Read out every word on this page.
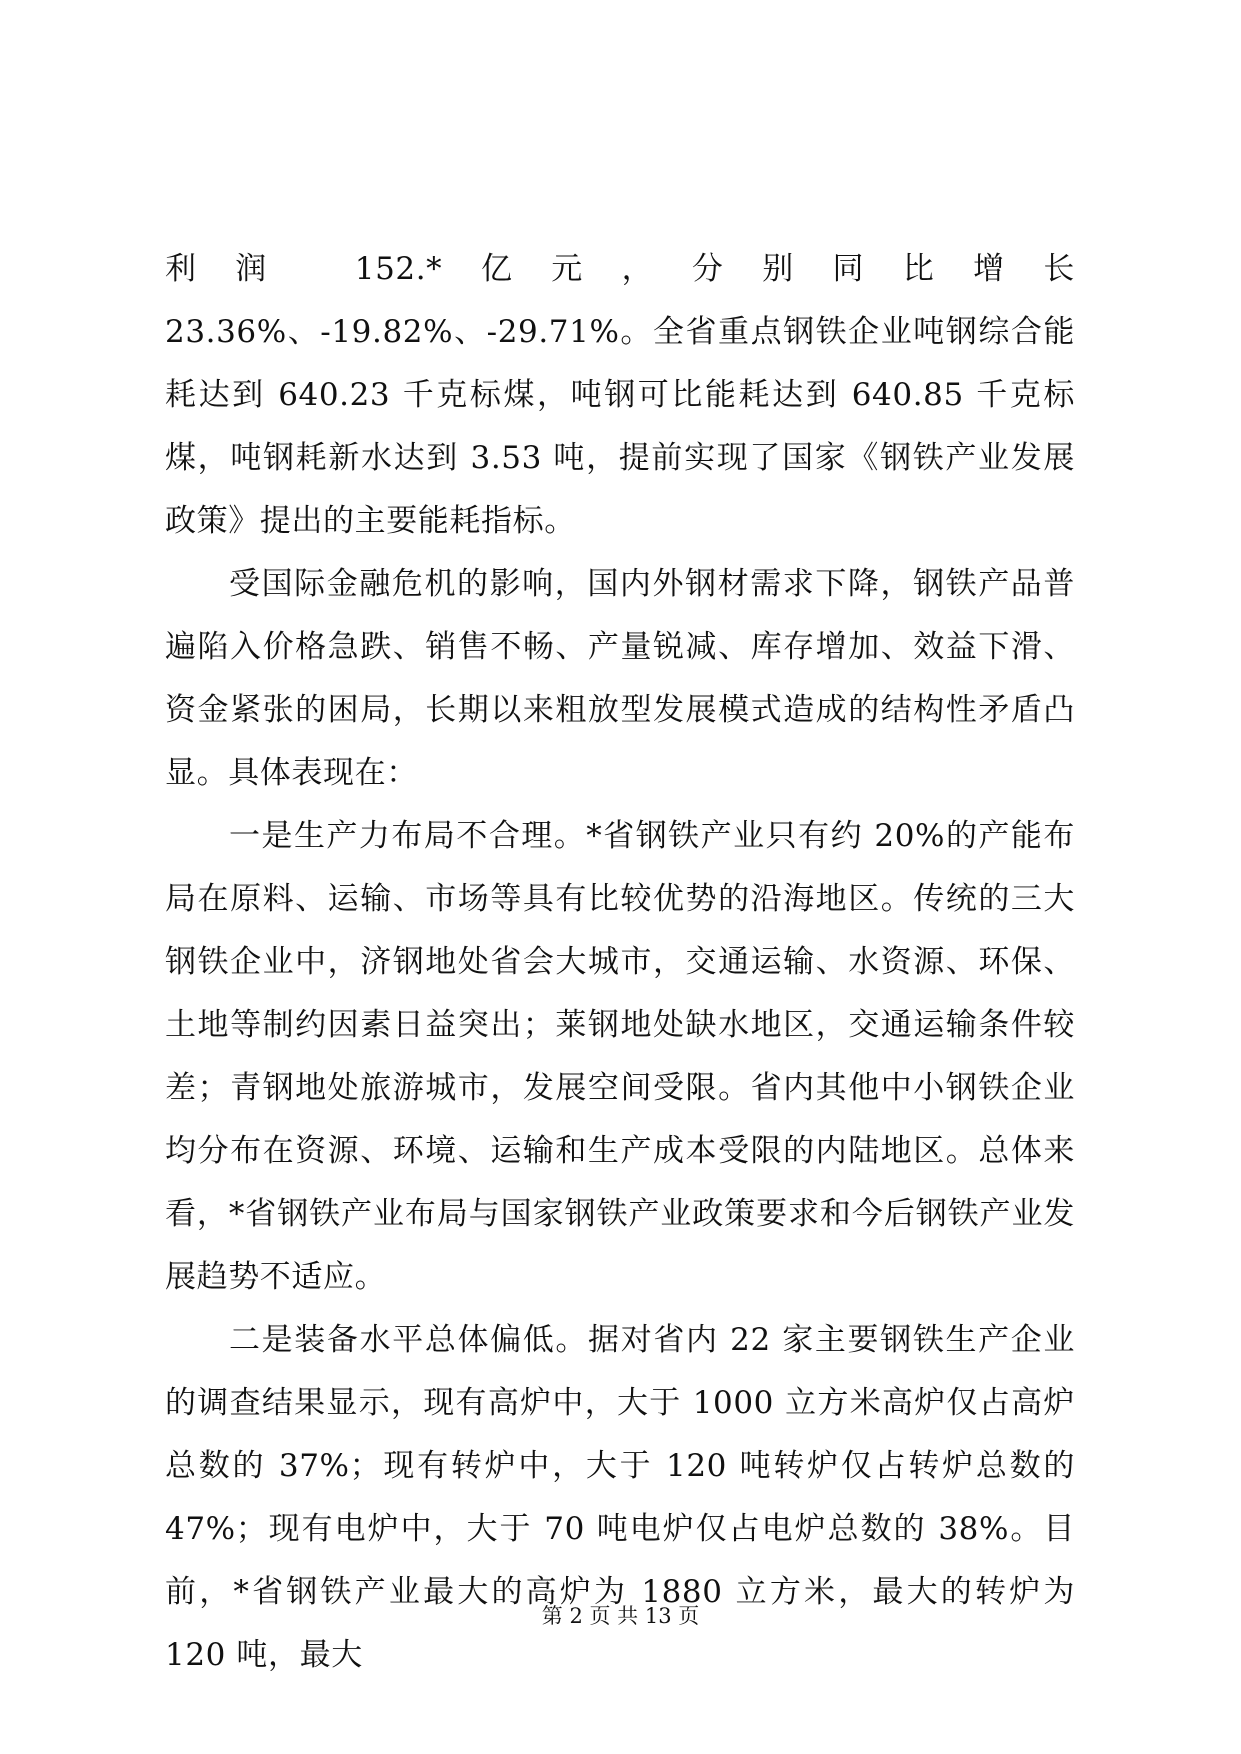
利润 152.*亿元，分别同比增长 23.36%、-19.82%、-29.71%。全省重点钢铁企业吨钢综合能耗达到 640.23 千克标煤，吨钢可比能耗达到 640.85 千克标煤，吨钢耗新水达到 3.53 吨，提前实现了国家《钢铁产业发展政策》提出的主要能耗指标。

受国际金融危机的影响，国内外钢材需求下降，钢铁产品普遍陷入价格急跌、销售不畅、产量锐减、库存增加、效益下滑、资金紧张的困局，长期以来粗放型发展模式造成的结构性矛盾凸显。具体表现在：

一是生产力布局不合理。*省钢铁产业只有约 20%的产能布局在原料、运输、市场等具有比较优势的沿海地区。传统的三大钢铁企业中，济钢地处省会大城市，交通运输、水资源、环保、土地等制约因素日益突出；莱钢地处缺水地区，交通运输条件较差；青钢地处旅游城市，发展空间受限。省内其他中小钢铁企业均分布在资源、环境、运输和生产成本受限的内陆地区。总体来看，*省钢铁产业布局与国家钢铁产业政策要求和今后钢铁产业发展趋势不适应。

二是装备水平总体偏低。据对省内 22 家主要钢铁生产企业的调查结果显示，现有高炉中，大于 1000 立方米高炉仅占高炉总数的 37%；现有转炉中，大于 120 吨转炉仅占转炉总数的 47%；现有电炉中，大于 70 吨电炉仅占电炉总数的 38%。目前，*省钢铁产业最大的高炉为 1880 立方米，最大的转炉为 120 吨，最大

第 2 页 共 13 页
